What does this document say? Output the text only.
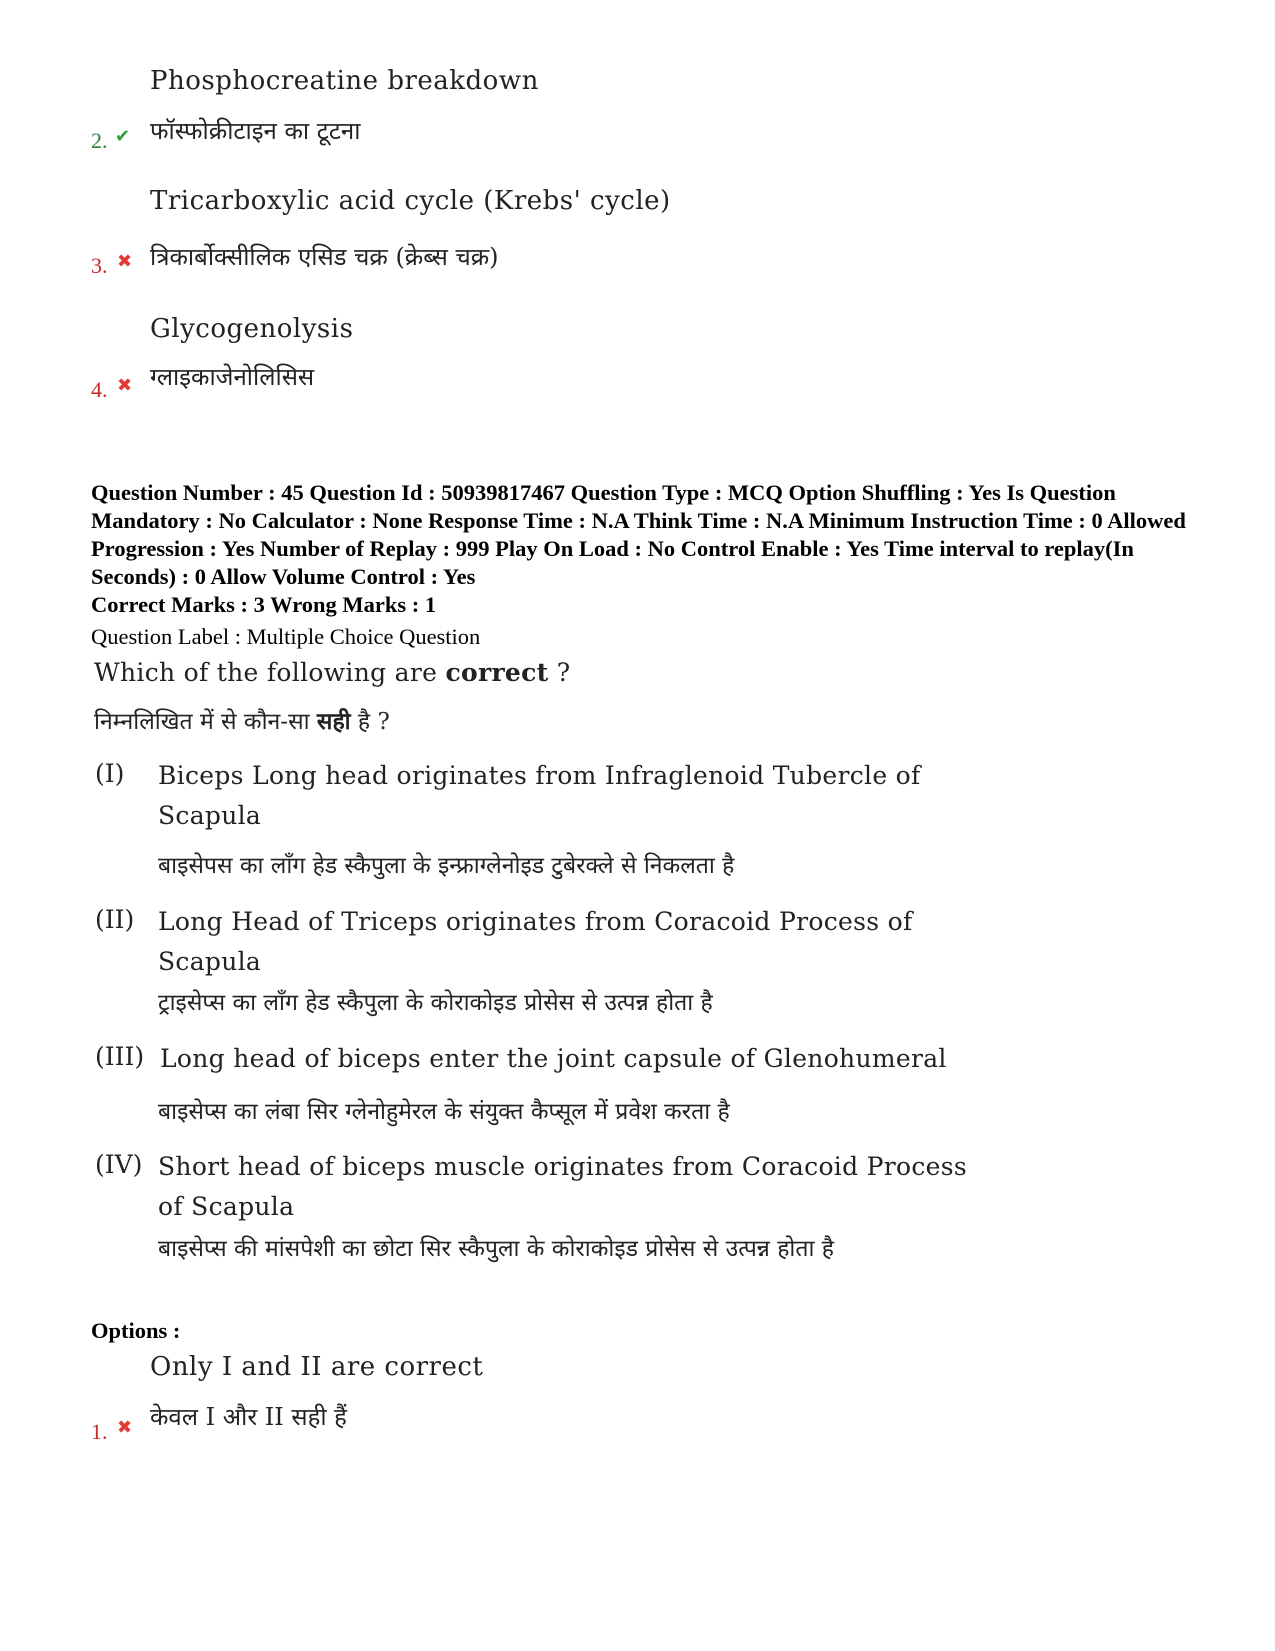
Phosphocreatine breakdown
फॉस्फोक्रीटाइन का टूटना
2. ✔
Tricarboxylic acid cycle (Krebs' cycle)
त्रिकार्बोक्सीलिक एसिड चक्र (क्रेब्स चक्र)
3. ✖
Glycogenolysis
ग्लाइकाजेनोलिसिस
4. ✖
Question Number : 45 Question Id : 50939817467 Question Type : MCQ Option Shuffling : Yes Is Question Mandatory : No Calculator : None Response Time : N.A Think Time : N.A Minimum Instruction Time : 0 Allowed Progression : Yes Number of Replay : 999 Play On Load : No Control Enable : Yes Time interval to replay(In Seconds) : 0 Allow Volume Control : Yes
Correct Marks : 3 Wrong Marks : 1
Question Label : Multiple Choice Question
Which of the following are correct ?
निम्नलिखित में से कौन-सा सही है ?
(I)	Biceps Long head originates from Infraglenoid Tubercle of Scapula
बाइसेपस का लॉंग हेड स्कैपुला के इन्फ्राग्लेनोइड टुबेरक्ले से निकलता है
(II) Long Head of Triceps originates from Coracoid Process of Scapula
ट्राइसेप्स का लॉंग हेड स्कैपुला के कोराकोइड प्रोसेस से उत्पन्न होता है
(III) Long head of biceps enter the joint capsule of Glenohumeral
बाइसेप्स का लंबा सिर ग्लेनोहुमेरल के संयुक्त कैप्सूल में प्रवेश करता है
(IV) Short head of biceps muscle originates from Coracoid Process of Scapula
बाइसेप्स की मांसपेशी का छोटा सिर स्कैपुला के कोराकोइड प्रोसेस से उत्पन्न होता है
Options :
Only I and II are correct
केवल I और II सही हैं
1. ✖
